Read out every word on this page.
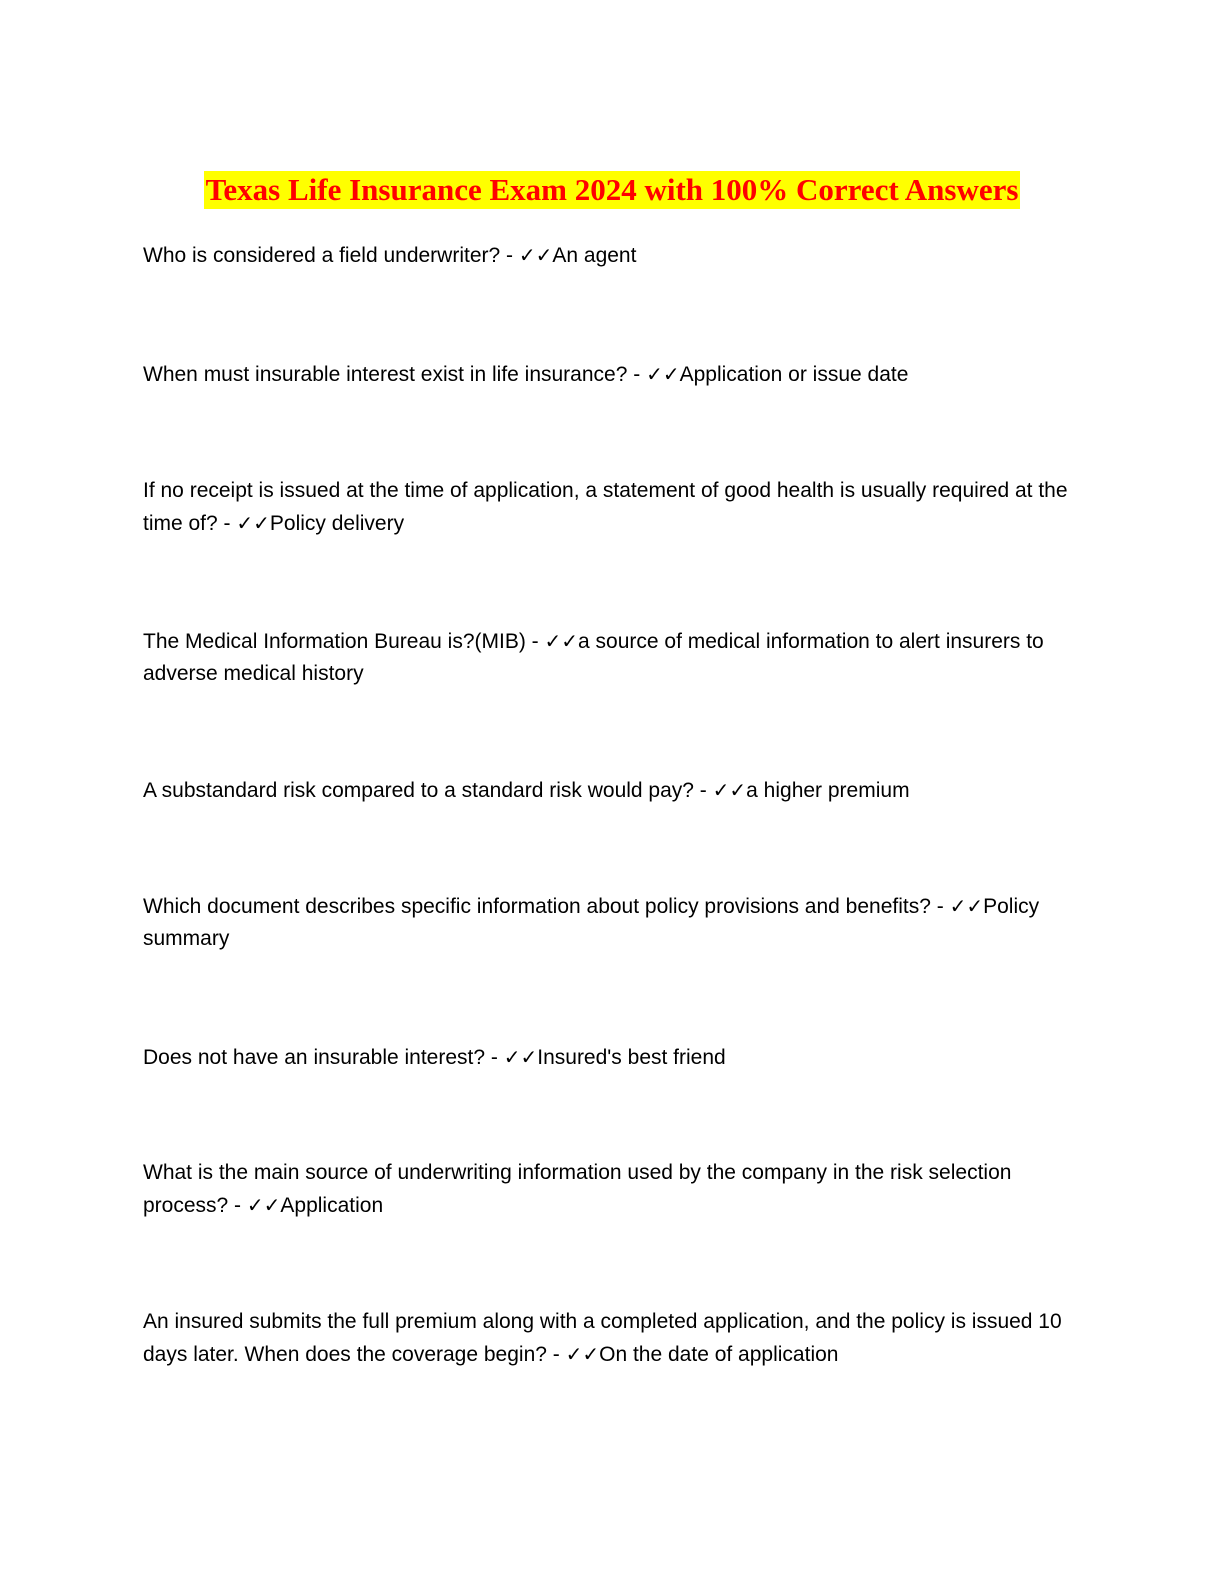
Texas Life Insurance Exam 2024 with 100% Correct Answers

Who is considered a field underwriter? - ✓✓An agent

When must insurable interest exist in life insurance? - ✓✓Application or issue date

If no receipt is issued at the time of application, a statement of good health is usually required at the time of? - ✓✓Policy delivery

The Medical Information Bureau is?(MIB) - ✓✓a source of medical information to alert insurers to adverse medical history

A substandard risk compared to a standard risk would pay? - ✓✓a higher premium

Which document describes specific information about policy provisions and benefits? - ✓✓Policy summary

Does not have an insurable interest? - ✓✓Insured's best friend

What is the main source of underwriting information used by the company in the risk selection process? - ✓✓Application

An insured submits the full premium along with a completed application, and the policy is issued 10 days later. When does the coverage begin? - ✓✓On the date of application
